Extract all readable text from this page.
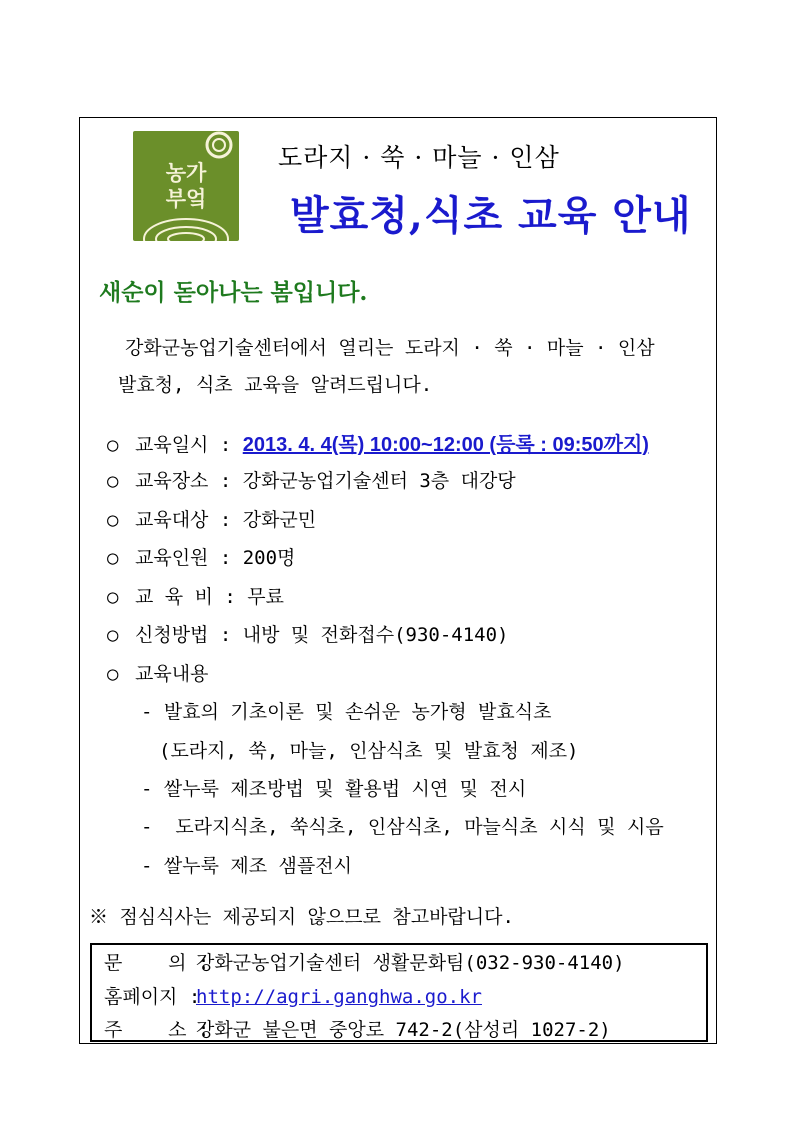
농가
부엌
도라지 · 쑥 · 마늘 · 인삼
발효청,식초 교육 안내
새순이 돋아나는 봄입니다.
강화군농업기술센터에서 열리는 도라지 · 쑥 · 마늘 · 인삼
발효청, 식초 교육을 알려드립니다.
○ 교육일시 : 2013. 4. 4(목) 10:00~12:00 (등록 : 09:50까지)
○ 교육장소 : 강화군농업기술센터 3층 대강당
○ 교육대상 : 강화군민
○ 교육인원 : 200명
○ 교 육 비 : 무료
○ 신청방법 : 내방 및 전화접수(930-4140)
○ 교육내용
- 발효의 기초이론 및 손쉬운 농가형 발효식초
(도라지, 쑥, 마늘, 인삼식초 및 발효청 제조)
- 쌀누룩 제조방법 및 활용법 시연 및 전시
-  도라지식초, 쑥식초, 인삼식초, 마늘식초 시식 및 시음
- 쌀누룩 제조 샘플전시
※ 점심식사는 제공되지 않으므로 참고바랍니다.
문    의 : 강화군농업기술센터 생활문화팀(032-930-4140)
홈페이지 : http://agri.ganghwa.go.kr
주    소 : 강화군 불은면 중앙로 742-2(삼성리 1027-2)
